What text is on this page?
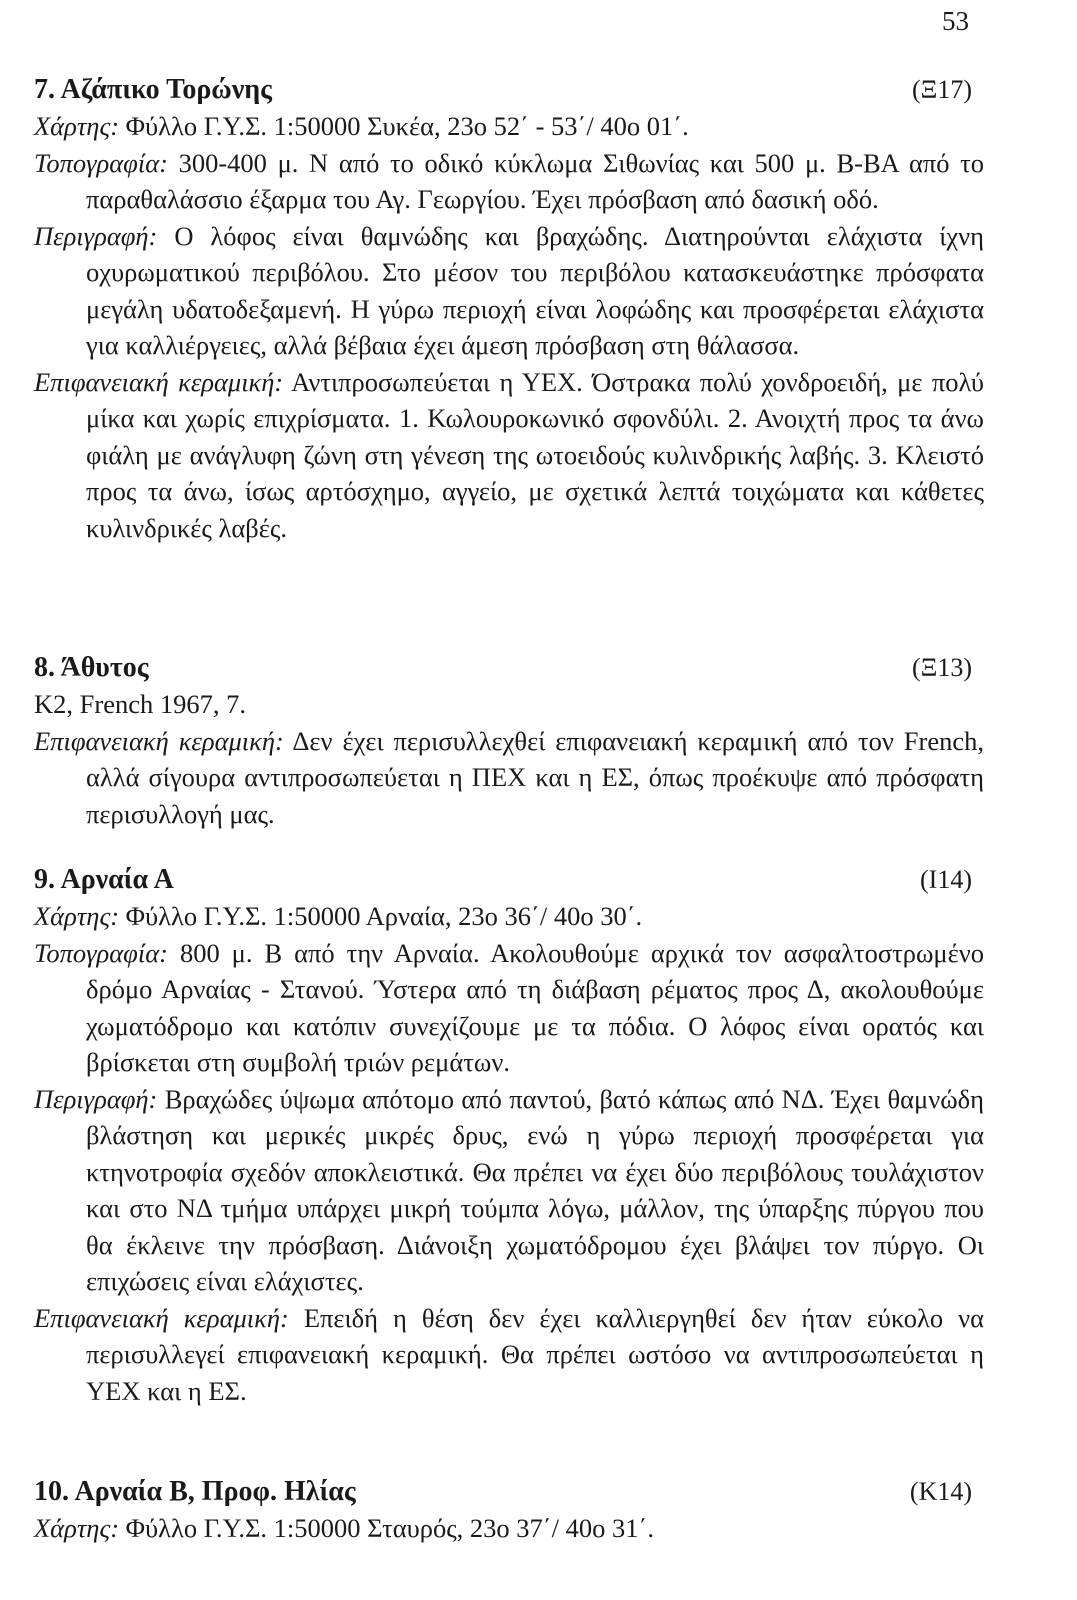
53
7. Αζάπικο Τορώνης	(Ξ17)

Χάρτης: Φύλλο Γ.Υ.Σ. 1:50000 Συκέα, 23ο 52΄ - 53΄/ 40ο 01΄.

Τοπογραφία: 300-400 μ. Ν από το οδικό κύκλωμα Σιθωνίας και 500 μ. Β-ΒΑ από το παραθαλάσσιο έξαρμα του Αγ. Γεωργίου. Έχει πρόσβαση από δασική οδό.

Περιγραφή: Ο λόφος είναι θαμνώδης και βραχώδης. Διατηρούνται ελάχιστα ίχνη οχυρωματικού περιβόλου. Στο μέσον του περιβόλου κατασκευάστηκε πρόσφατα μεγάλη υδατοδεξαμενή. Η γύρω περιοχή είναι λοφώδης και προσφέρεται ελάχιστα για καλλιέργειες, αλλά βέβαια έχει άμεση πρόσβαση στη θάλασσα.

Επιφανειακή κεραμική: Αντιπροσωπεύεται η ΥΕΧ. Όστρακα πολύ χονδροειδή, με πολύ μίκα και χωρίς επιχρίσματα. 1. Κωλουροκωνικό σφονδύλι. 2. Ανοιχτή προς τα άνω φιάλη με ανάγλυφη ζώνη στη γένεση της ωτοειδούς κυλινδρικής λαβής. 3. Κλειστό προς τα άνω, ίσως αρτόσχημο, αγγείο, με σχετικά λεπτά τοιχώματα και κάθετες κυλινδρικές λαβές.

8. Άθυτος	(Ξ13)

K2, French 1967, 7.

Επιφανειακή κεραμική: Δεν έχει περισυλλεχθεί επιφανειακή κεραμική από τον French, αλλά σίγουρα αντιπροσωπεύεται η ΠΕΧ και η ΕΣ, όπως προέκυψε από πρόσφατη περισυλλογή μας.

9. Αρναία Α	(Ι14)

Χάρτης: Φύλλο Γ.Υ.Σ. 1:50000 Αρναία, 23ο 36΄/ 40ο 30΄.

Τοπογραφία: 800 μ. Β από την Αρναία. Ακολουθούμε αρχικά τον ασφαλτοστρωμένο δρόμο Αρναίας - Στανού. Ύστερα από τη διάβαση ρέματος προς Δ, ακολουθούμε χωματόδρομο και κατόπιν συνεχίζουμε με τα πόδια. Ο λόφος είναι ορατός και βρίσκεται στη συμβολή τριών ρεμάτων.

Περιγραφή: Βραχώδες ύψωμα απότομο από παντού, βατό κάπως από ΝΔ. Έχει θαμνώδη βλάστηση και μερικές μικρές δρυς, ενώ η γύρω περιοχή προσφέρεται για κτηνοτροφία σχεδόν αποκλειστικά. Θα πρέπει να έχει δύο περιβόλους τουλάχιστον και στο ΝΔ τμήμα υπάρχει μικρή τούμπα λόγω, μάλλον, της ύπαρξης πύργου που θα έκλεινε την πρόσβαση. Διάνοιξη χωματόδρομου έχει βλάψει τον πύργο. Οι επιχώσεις είναι ελάχιστες.

Επιφανειακή κεραμική: Επειδή η θέση δεν έχει καλλιεργηθεί δεν ήταν εύκολο να περισυλλεγεί επιφανειακή κεραμική. Θα πρέπει ωστόσο να αντιπροσωπεύεται η ΥΕΧ και η ΕΣ.

10. Αρναία Β, Προφ. Ηλίας	(Κ14)

Χάρτης: Φύλλο Γ.Υ.Σ. 1:50000 Σταυρός, 23ο 37΄/ 40ο 31΄.
